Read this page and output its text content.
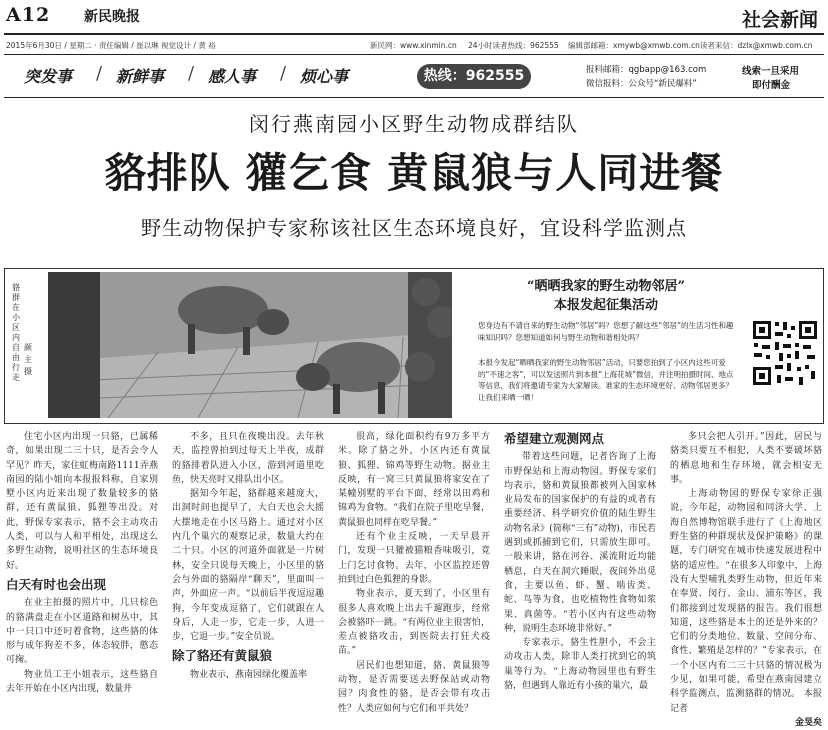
A12 新民晚报	社会新闻
2015年6月30日 / 星期二 · 责任编辑 / 崔以琳 视觉设计 / 黄 裕	新民网：www.xinmin.cn 24小时读者热线：962555 编辑部邮箱：xmywb@xmwb.com.cn 读者来信：dzlx@xmwb.com.cn
突发事 / 新鲜事 / 感人事 / 烦心事	热线：962555	报料邮箱：qgbapp@163.com
微信报料：公众号“新民爆料”
线索一旦采用
即付酬金
闵行燕南园小区野生动物成群结队
貉排队 獾乞食 黄鼠狼与人同进餐
野生动物保护专家称该社区生态环境良好，宜设科学监测点
貉群在小区内自由行走
颜主 摄
“晒晒我家的野生动物邻居”
本报发起征集活动
您身边有不请自来的野生动物“邻居”吗？您想了解这些“邻居”的生活习性和趣味知识吗？您想知道如何与野生动物和谐相处吗？
本报今发起“晒晒我家的野生动物邻居”活动，只要您拍到了小区内这些可爱的“不速之客”，可以发送照片到本报“上海花城”微信，并注明拍摄时间、地点等信息，我们将邀请专家为大家解读。谁家的生态环境更好、动物邻居更多？让我们来晒一晒！

住宅小区内出现一只貉，已属稀奇，如果出现二三十只，是否会令人罕见？昨天，家住虹梅南路1111弄燕南园的陆小姐向本报报料称，自家别墅小区内近来出现了数量较多的貉群，还有黄鼠狼、狐狸等出没。对此，野保专家表示，貉不会主动攻击人类，可以与人和平相处，出现这么多野生动物，说明社区的生态环境良好。

白天有时也会出现

在业主拍摄的照片中，几只棕色的貉满盘走在小区道路和树丛中，其中一只口中还叼着食物，这些貉的体形与成年狗差不多，体态较胖，憨态可掬。

物业员工王小姐表示，这些貉自去年开始在小区内出现，数量并

不多，且只在夜晚出没。去年秋天，监控曾拍到过每天上半夜，成群的貉排着队进入小区，游到河道里吃鱼，快天亮时又排队出小区。

据知今年起，貉群越来越庞大，出洞时间也提早了，大白天也会大摇大摆地走在小区马路上。通过对小区内几个巢穴的观察记录，数量大约在二十只。小区的河道外面就是一片树林，安全只说每天晚上，小区里的貉会与外面的貉隔岸“聊天”，里面叫一声，外面应一声。“以前后半夜逗逗趣狗，今年变成逗貉了，它们就跟在人身后，人走一步，它走一步，人进一步，它退一步。”安全员说。

除了貉还有黄鼠狼

物业表示，燕南园绿化覆盖率

很高，绿化面积约有9万多平方米。除了貉之外，小区内还有黄鼠狼、狐狸、锦鸡等野生动物。据业主反映，有一窝三只黄鼠狼将家安在了某幢别墅的平台下面，经常以田鸡和锦鸡为食物。“我们在院子里吃早餐，黄鼠狼也同样在吃早餐。”

还有个业主反映，一天早晨开门，发现一只獾被猫粮香味吸引，竟上门乞讨食物。去年，小区监控还曾拍到过白色狐狸的身影。

物业表示，夏天到了，小区里有很多人喜欢晚上出去千遛跑步，经常会被貉吓一跳。“有两位业主很害怕，差点被貉攻击，到医院去打狂犬疫苗。”

居民们也想知道，貉、黄鼠狼等动物，是否需要送去野保站或动物园？肉食性的貉，是否会带有攻击性？人类应如何与它们和平共处？

希望建立观测网点

带着这些问题，记者咨询了上海市野保站和上海动物园。野保专家们均表示，貉和黄鼠狼都被列入国家林业局发布的国家保护的有益的或者有重要经济、科学研究价值的陆生野生动物名录》(简称“三有”动物)，市民若遇到或抓捕到它们，只需放生即可。一般来讲，貉在河谷、溪流附近均能栖息，白天在洞穴睡眠，夜间外出觅食，主要以鱼、虾、蟹、啮齿类、蛇、鸟等为食，也吃植物性食物如浆果、真菌等。“若小区内有这些动物种，说明生态环境非常好。”

专家表示，貉生性胆小，不会主动攻击人类，除非人类打扰到它的筑巢等行为。“上海动物园里也有野生貉，但遇到人靠近有小孩的巢穴，最

多只会把人引开。”因此，居民与貉类只要互不相犯，人类不要破坏貉的栖息地和生存环境，就会相安无事。

上海动物园的野保专家徐正强说，今年起，动物园和同济大学、上海自然博物馆联手进行了《上海地区野生貉的种群现状及保护策略》的课题，专门研究在城市快速发展进程中貉的适应性。“在很多人印象中，上海没有大型哺乳类野生动物，但近年来在奉贤、闵行、金山、浦东等区，我们都接到过发现貉的报告。我们很想知道，这些貉是本土的还是外来的？它们的分类地位、数量、空间分布、食性、繁殖是怎样的？”专家表示，在一个小区内有二三十只貉的情况极为少见，如果可能，希望在燕南园建立科学监测点，监测貉群的情况。 本报记者

金旻矣
